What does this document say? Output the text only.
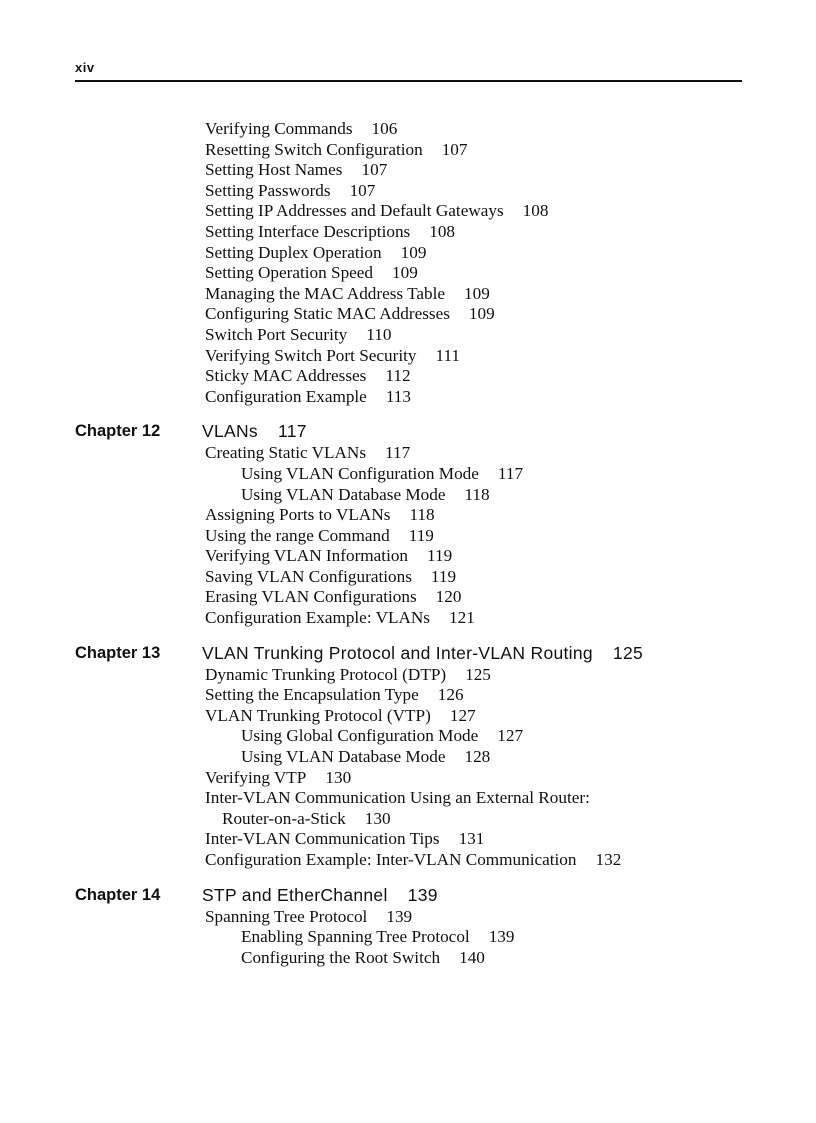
xiv
Verifying Commands 106
Resetting Switch Configuration 107
Setting Host Names 107
Setting Passwords 107
Setting IP Addresses and Default Gateways 108
Setting Interface Descriptions 108
Setting Duplex Operation 109
Setting Operation Speed 109
Managing the MAC Address Table 109
Configuring Static MAC Addresses 109
Switch Port Security 110
Verifying Switch Port Security 111
Sticky MAC Addresses 112
Configuration Example 113
Chapter 12 VLANs 117
Creating Static VLANs 117
Using VLAN Configuration Mode 117
Using VLAN Database Mode 118
Assigning Ports to VLANs 118
Using the range Command 119
Verifying VLAN Information 119
Saving VLAN Configurations 119
Erasing VLAN Configurations 120
Configuration Example: VLANs 121
Chapter 13 VLAN Trunking Protocol and Inter-VLAN Routing 125
Dynamic Trunking Protocol (DTP) 125
Setting the Encapsulation Type 126
VLAN Trunking Protocol (VTP) 127
Using Global Configuration Mode 127
Using VLAN Database Mode 128
Verifying VTP 130
Inter-VLAN Communication Using an External Router:
Router-on-a-Stick 130
Inter-VLAN Communication Tips 131
Configuration Example: Inter-VLAN Communication 132
Chapter 14 STP and EtherChannel 139
Spanning Tree Protocol 139
Enabling Spanning Tree Protocol 139
Configuring the Root Switch 140
